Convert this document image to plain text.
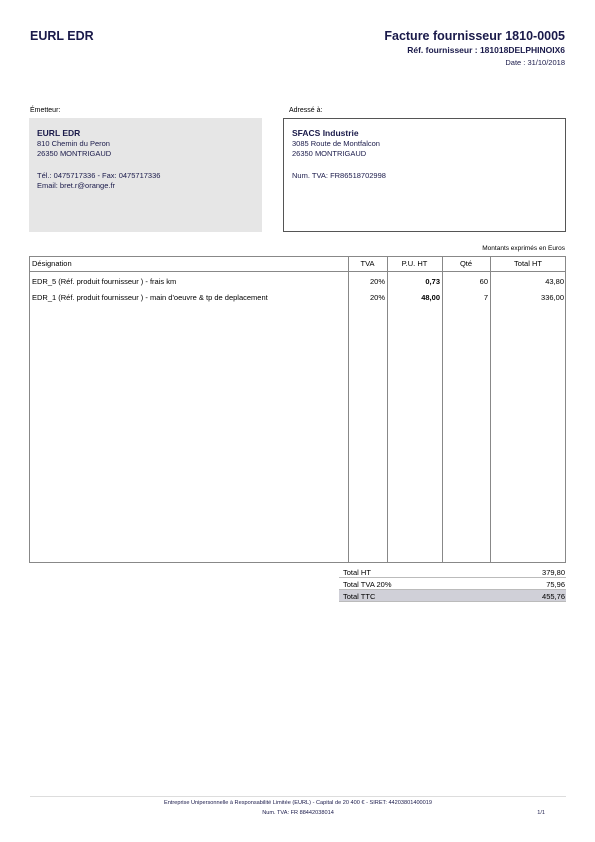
EURL EDR	Facture fournisseur 1810-0005
Réf. fournisseur : 181018DELPHINOIX6
Date : 31/10/2018
Émetteur:	Adressé à:
EURL EDR
810 Chemin du Peron
26350 MONTRIGAUD
Tél.: 0475717336 - Fax: 0475717336
Email: bret.r@orange.fr
SFACS Industrie
3085 Route de Montfalcon
26350 MONTRIGAUD
Num. TVA: FR86518702998
Montants exprimés en Euros
Désignation	TVA	P.U. HT	Qté	Total HT
EDR_5 (Réf. produit fournisseur ) - frais km	20%	0,73	60	43,80
EDR_1 (Réf. produit fournisseur ) - main d'oeuvre & tp de deplacement	20%	48,00	7	336,00
Total HT	379,80
Total TVA 20%	75,96
Total TTC	455,76
Entreprise Unipersonnelle à Responsabilité Limitée (EURL) - Capital de 20 400 € - SIRET: 44203801400019
Num. TVA: FR 88442038014	1/1
